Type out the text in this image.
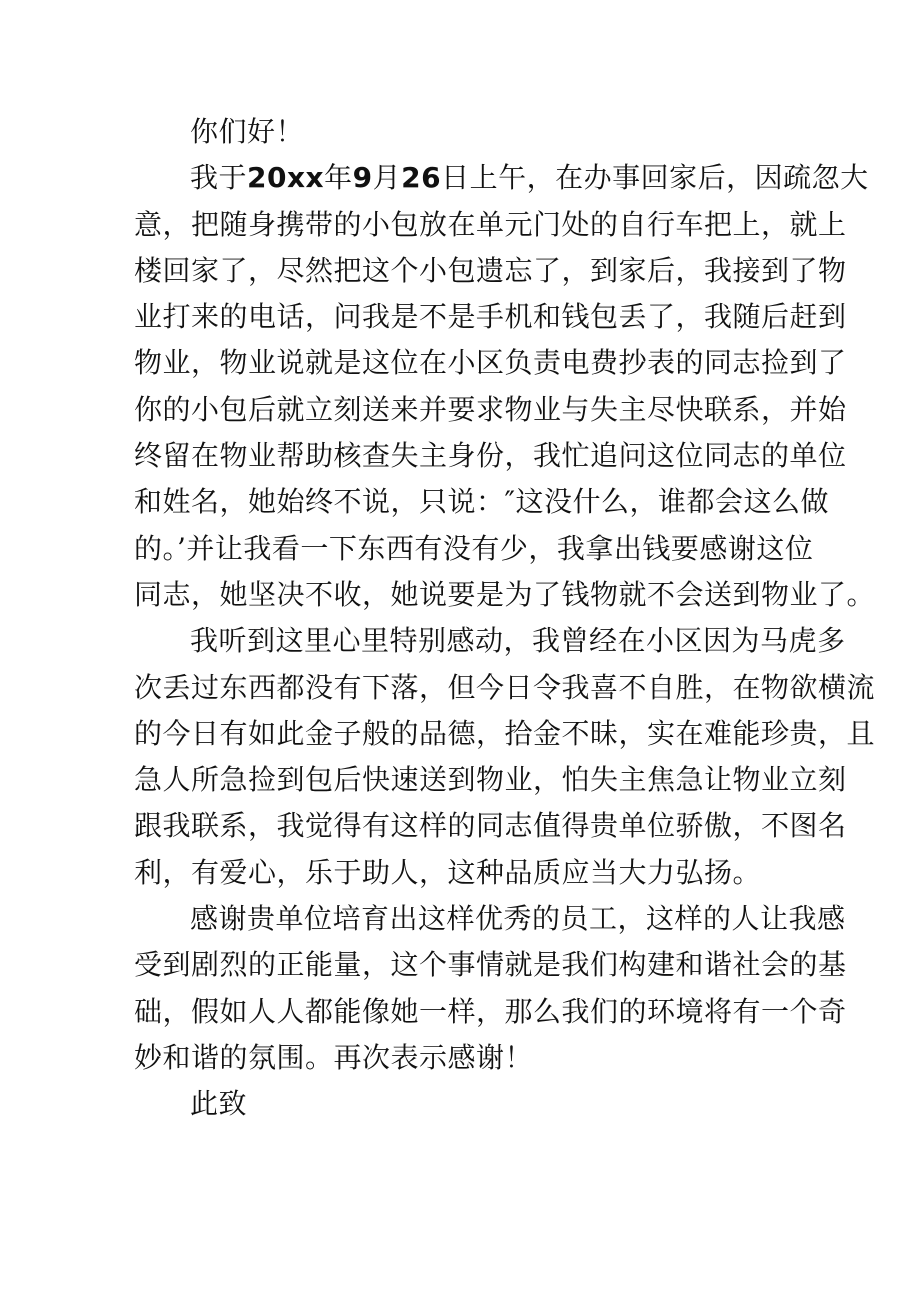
你们好！
我于20xx年9月26日上午，在办事回家后，因疏忽大
意，把随身携带的小包放在单元门处的自行车把上，就上
楼回家了，尽然把这个小包遗忘了，到家后，我接到了物
业打来的电话，问我是不是手机和钱包丢了，我随后赶到
物业，物业说就是这位在小区负责电费抄表的同志捡到了
你的小包后就立刻送来并要求物业与失主尽快联系，并始
终留在物业帮助核查失主身份，我忙追问这位同志的单位
和姓名，她始终不说，只说：″这没什么，谁都会这么做
的。’并让我看一下东西有没有少，我拿出钱要感谢这位
同志，她坚决不收，她说要是为了钱物就不会送到物业了。
我听到这里心里特别感动，我曾经在小区因为马虎多
次丢过东西都没有下落，但今日令我喜不自胜，在物欲横流
的今日有如此金子般的品德，拾金不昧，实在难能珍贵，且
急人所急捡到包后快速送到物业，怕失主焦急让物业立刻
跟我联系，我觉得有这样的同志值得贵单位骄傲，不图名
利，有爱心，乐于助人，这种品质应当大力弘扬。
感谢贵单位培育出这样优秀的员工，这样的人让我感
受到剧烈的正能量，这个事情就是我们构建和谐社会的基
础，假如人人都能像她一样，那么我们的环境将有一个奇
妙和谐的氛围。再次表示感谢！
此致
